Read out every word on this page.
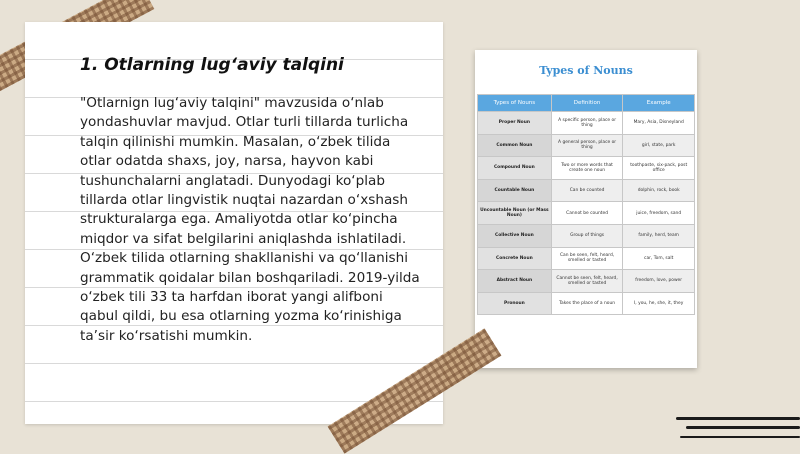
1. Otlarning lug‘aviy talqini

"Otlarnign lug‘aviy talqini" mavzusida o‘nlab yondashuvlar mavjud. Otlar turli tillarda turlicha talqin qilinishi mumkin. Masalan, o‘zbek tilida otlar odatda shaxs, joy, narsa, hayvon kabi tushunchalarni anglatadi. Dunyodagi ko‘plab tillarda otlar lingvistik nuqtai nazardan o‘xshash strukturalarga ega. Amaliyotda otlar ko‘pincha miqdor va sifat belgilarini aniqlashda ishlatiladi. O‘zbek tilida otlarning shakllanishi va qo‘llanishi grammatik qoidalar bilan boshqariladi. 2019-yilda o‘zbek tili 33 ta harfdan iborat yangi alifboni qabul qildi, bu esa otlarning yozma ko‘rinishiga ta’sir ko‘rsatishi mumkin.

Types of Nouns
Types of Nouns	Definition	Example
Proper Noun	A specific person, place or thing	Mary, Asia, Disneyland
Common Noun	A general person, place or thing	girl, state, park
Compound Noun	Two or more words that create one noun	toothpaste, six-pack, post office
Countable Noun	Can be counted	dolphin, rock, book
Uncountable Noun (or Mass Noun)	Cannot be counted	juice, freedom, sand
Collective Noun	Group of things	family, herd, team
Concrete Noun	Can be seen, felt, heard, smelled or tasted	car, Tom, salt
Abstract Noun	Cannot be seen, felt, heard, smelled or tasted	freedom, love, power
Pronoun	Takes the place of a noun	I, you, he, she, it, they
